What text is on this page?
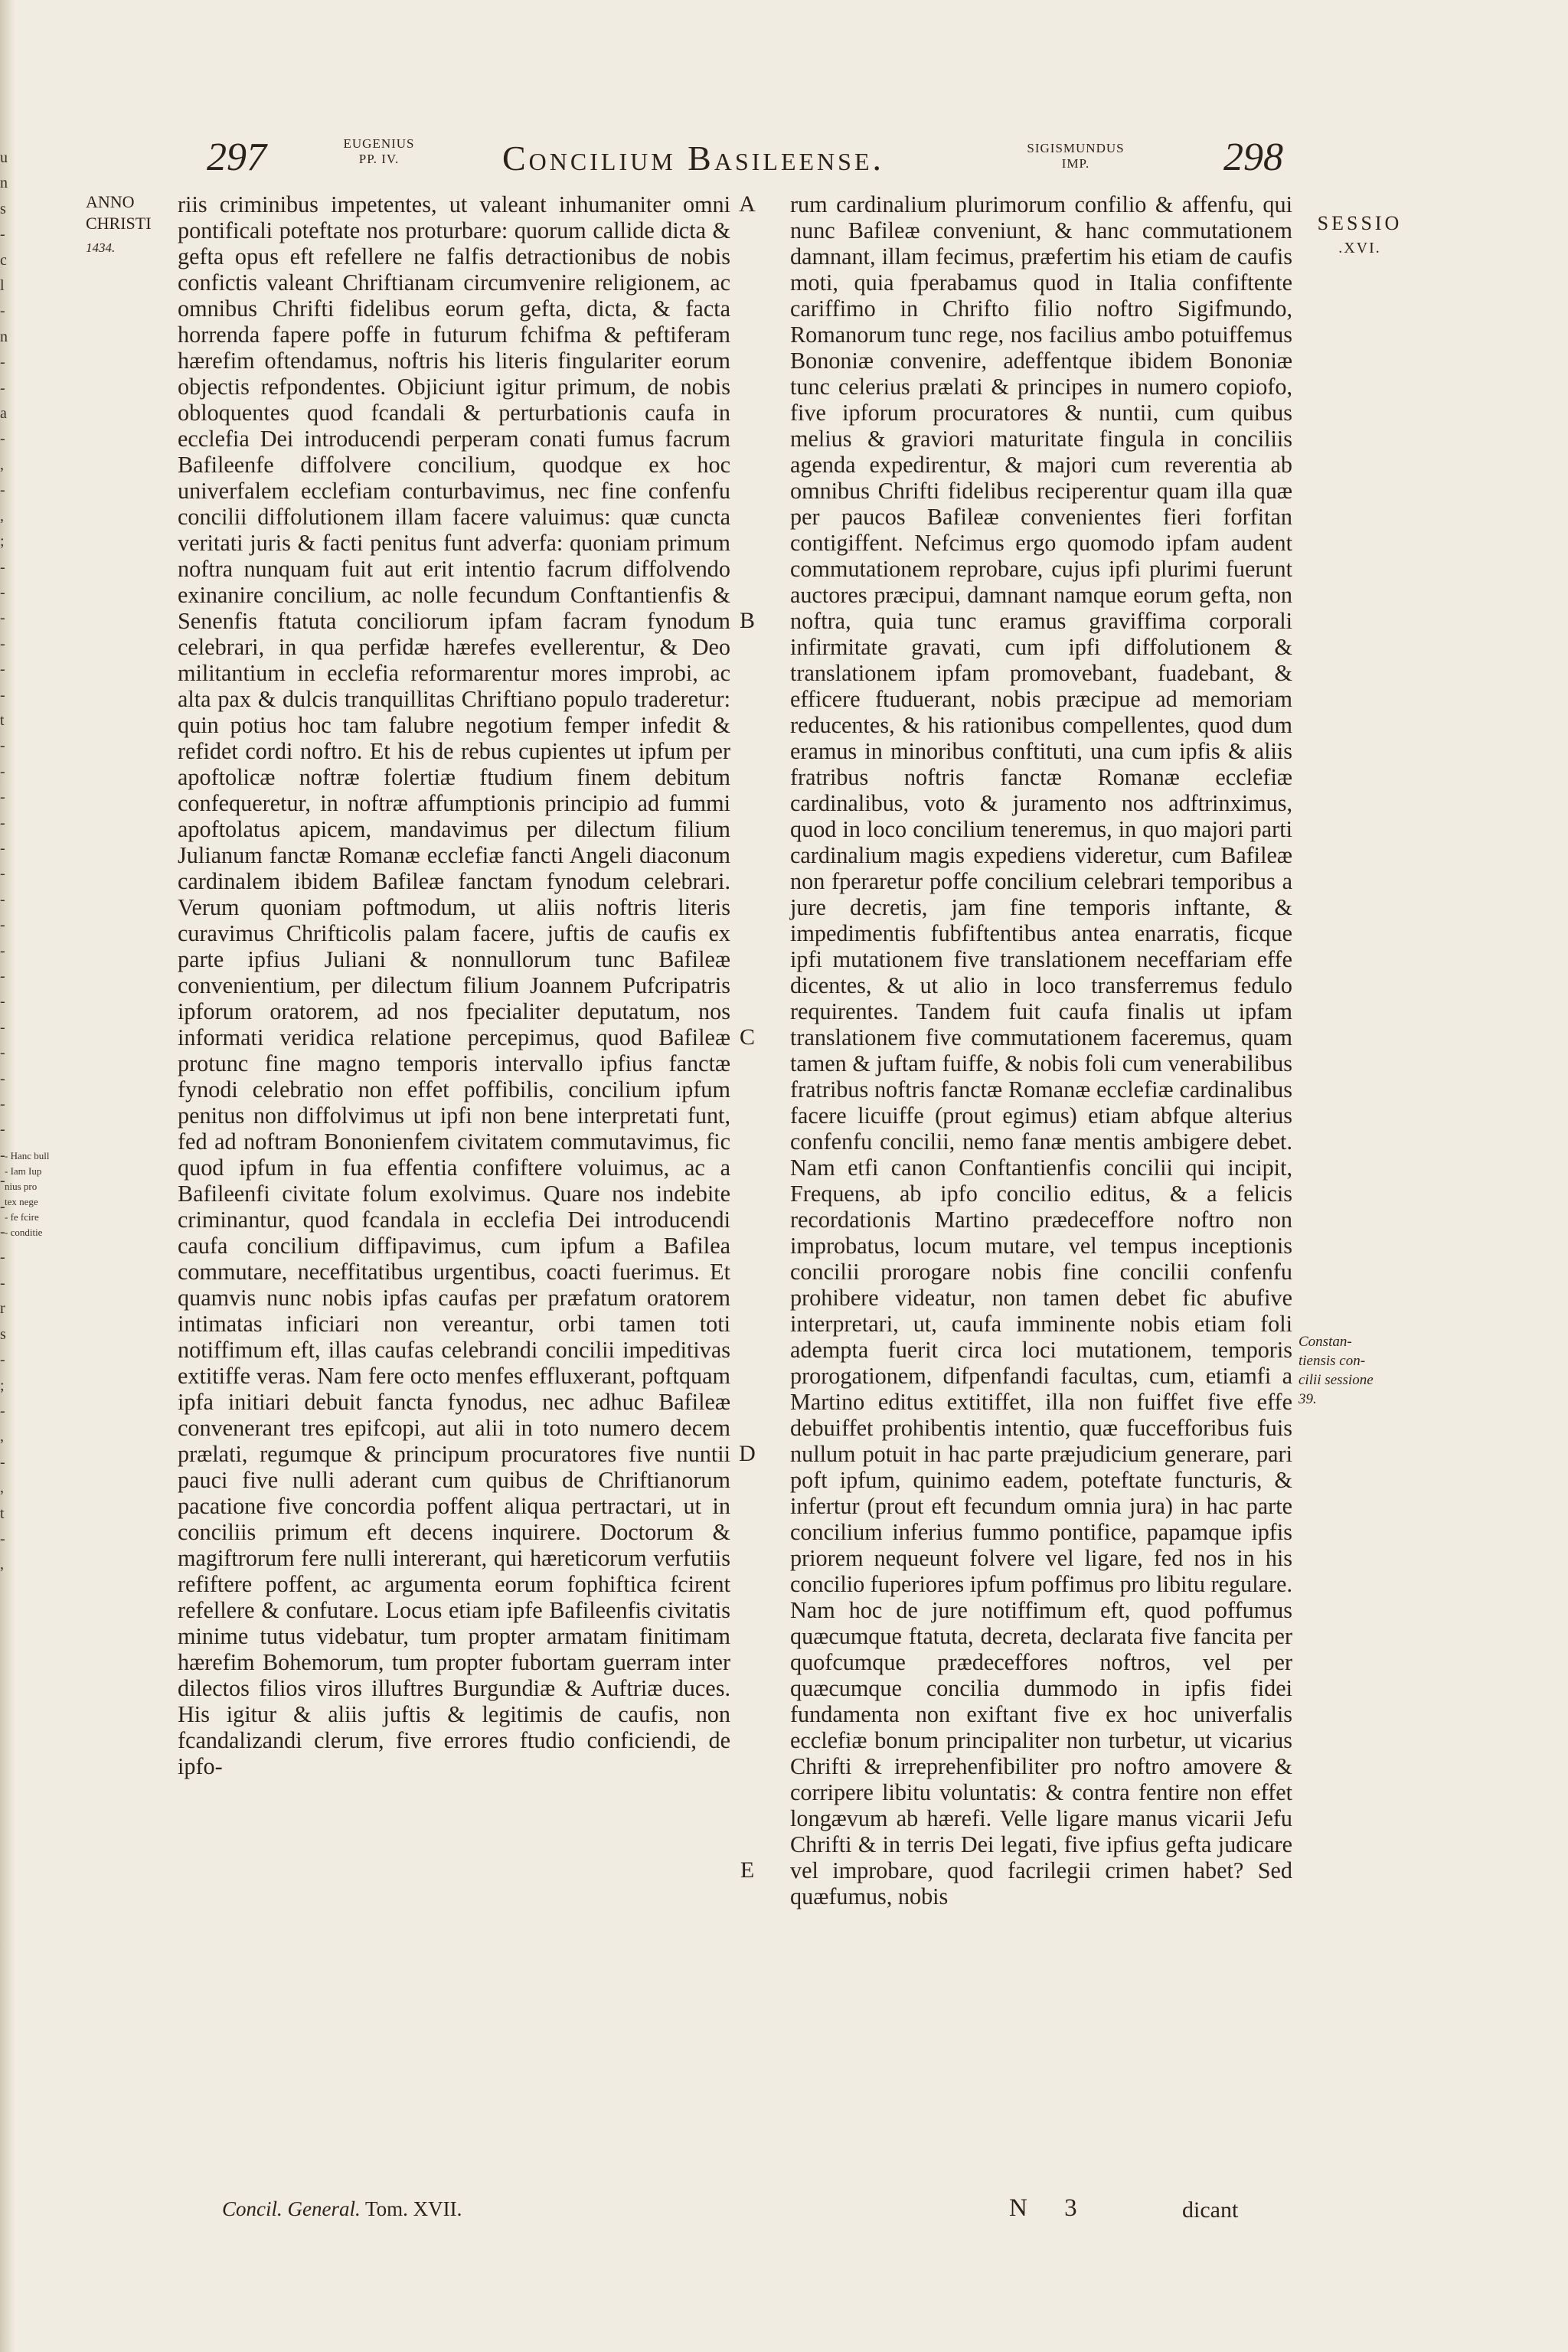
u
n
s
-
c
l
-
n
-
-
a
-
,
-
,
;
-
-
-
-
-
-
t
-
-
-
-
-
-
-
-
-
-
-
-
-
-
-
-
-
-
-
-
-
-
r
s
-
;
-
,
-
,
t
-
,
- Hanc bull
- Iam Iup
nius pro
tex nege
- fe fcire
- conditie
297	EUGENIUS
PP. IV.	Concilium Basileense.	SIGISMUNDUS
IMP.	298
ANNO
CHRISTI
1434.

riis criminibus impetentes, ut valeant inhumaniter omni pontificali poteftate nos proturbare: quorum callide dicta & gefta opus eft refellere ne falfis detractionibus de nobis confictis valeant Chriftianam circumvenire religionem, ac omnibus Chrifti fidelibus eorum gefta, dicta, & facta horrenda fapere poffe in futurum fchifma & peftiferam hærefim oftendamus, noftris his literis fingulariter eorum objectis refpondentes. Objiciunt igitur primum, de nobis obloquentes quod fcandali & perturbationis caufa in ecclefia Dei introducendi perperam conati fumus facrum Bafileenfe diffolvere concilium, quodque ex hoc univerfalem ecclefiam conturbavimus, nec fine confenfu concilii diffolutionem illam facere valuimus: quæ cuncta veritati juris & facti penitus funt adverfa: quoniam primum noftra nunquam fuit aut erit intentio facrum diffolvendo exinanire concilium, ac nolle fecundum Conftantienfis & Senenfis ftatuta conciliorum ipfam facram fynodum celebrari, in qua perfidæ hærefes evellerentur, & Deo militantium in ecclefia reformarentur mores improbi, ac alta pax & dulcis tranquillitas Chriftiano populo traderetur: quin potius hoc tam falubre negotium femper infedit & refidet cordi noftro. Et his de rebus cupientes ut ipfum per apoftolicæ noftræ folertiæ ftudium finem debitum confequeretur, in noftræ affumptionis principio ad fummi apoftolatus apicem, mandavimus per dilectum filium Julianum fanctæ Romanæ ecclefiæ fancti Angeli diaconum cardinalem ibidem Bafileæ fanctam fynodum celebrari. Verum quoniam poftmodum, ut aliis noftris literis curavimus Chrifticolis palam facere, juftis de caufis ex parte ipfius Juliani & nonnullorum tunc Bafileæ convenientium, per dilectum filium Joannem Pufcripatris ipforum oratorem, ad nos fpecialiter deputatum, nos informati veridica relatione percepimus, quod Bafileæ protunc fine magno temporis intervallo ipfius fanctæ fynodi celebratio non effet poffibilis, concilium ipfum penitus non diffolvimus ut ipfi non bene interpretati funt, fed ad noftram Bononienfem civitatem commutavimus, fic quod ipfum in fua effentia confiftere voluimus, ac a Bafileenfi civitate folum exolvimus. Quare nos indebite criminantur, quod fcandala in ecclefia Dei introducendi caufa concilium diffipavimus, cum ipfum a Bafilea commutare, neceffitatibus urgentibus, coacti fuerimus. Et quamvis nunc nobis ipfas caufas per præfatum oratorem intimatas inficiari non vereantur, orbi tamen toti notiffimum eft, illas caufas celebrandi concilii impeditivas extitiffe veras. Nam fere octo menfes effluxerant, poftquam ipfa initiari debuit fancta fynodus, nec adhuc Bafileæ convenerant tres epifcopi, aut alii in toto numero decem prælati, regumque & principum procuratores five nuntii pauci five nulli aderant cum quibus de Chriftianorum pacatione five concordia poffent aliqua pertractari, ut in conciliis primum eft decens inquirere. Doctorum & magiftrorum fere nulli intererant, qui hæreticorum verfutiis refiftere poffent, ac argumenta eorum fophiftica fcirent refellere & confutare. Locus etiam ipfe Bafileenfis civitatis minime tutus videbatur, tum propter armatam finitimam hærefim Bohemorum, tum propter fubortam guerram inter dilectos filios viros illuftres Burgundiæ & Auftriæ duces. His igitur & aliis juftis & legitimis de caufis, non fcandalizandi clerum, five errores ftudio conficiendi, de ipfo-

A
B
C
D
E

rum cardinalium plurimorum confilio & affenfu, qui nunc Bafileæ conveniunt, & hanc commutationem damnant, illam fecimus, præfertim his etiam de caufis moti, quia fperabamus quod in Italia confiftente cariffimo in Chrifto filio noftro Sigifmundo, Romanorum tunc rege, nos facilius ambo potuiffemus Bononiæ convenire, adeffentque ibidem Bononiæ tunc celerius prælati & principes in numero copiofo, five ipforum procuratores & nuntii, cum quibus melius & graviori maturitate fingula in conciliis agenda expedirentur, & majori cum reverentia ab omnibus Chrifti fidelibus reciperentur quam illa quæ per paucos Bafileæ convenientes fieri forfitan contigiffent. Nefcimus ergo quomodo ipfam audent commutationem reprobare, cujus ipfi plurimi fuerunt auctores præcipui, damnant namque eorum gefta, non noftra, quia tunc eramus graviffima corporali infirmitate gravati, cum ipfi diffolutionem & translationem ipfam promovebant, fuadebant, & efficere ftuduerant, nobis præcipue ad memoriam reducentes, & his rationibus compellentes, quod dum eramus in minoribus conftituti, una cum ipfis & aliis fratribus noftris fanctæ Romanæ ecclefiæ cardinalibus, voto & juramento nos adftrinximus, quod in loco concilium teneremus, in quo majori parti cardinalium magis expediens videretur, cum Bafileæ non fperaretur poffe concilium celebrari temporibus a jure decretis, jam fine temporis inftante, & impedimentis fubfiftentibus antea enarratis, ficque ipfi mutationem five translationem neceffariam effe dicentes, & ut alio in loco transferremus fedulo requirentes. Tandem fuit caufa finalis ut ipfam translationem five commutationem faceremus, quam tamen & juftam fuiffe, & nobis foli cum venerabilibus fratribus noftris fanctæ Romanæ ecclefiæ cardinalibus facere licuiffe (prout egimus) etiam abfque alterius confenfu concilii, nemo fanæ mentis ambigere debet. Nam etfi canon Conftantienfis concilii qui incipit, Frequens, ab ipfo concilio editus, & a felicis recordationis Martino prædeceffore noftro non improbatus, locum mutare, vel tempus inceptionis concilii prorogare nobis fine concilii confenfu prohibere videatur, non tamen debet fic abufive interpretari, ut, caufa imminente nobis etiam foli adempta fuerit circa loci mutationem, temporis prorogationem, difpenfandi facultas, cum, etiamfi a Martino editus extitiffet, illa non fuiffet five effe debuiffet prohibentis intentio, quæ fuccefforibus fuis nullum potuit in hac parte præjudicium generare, pari poft ipfum, quinimo eadem, poteftate functuris, & infertur (prout eft fecundum omnia jura) in hac parte concilium inferius fummo pontifice, papamque ipfis priorem nequeunt folvere vel ligare, fed nos in his concilio fuperiores ipfum poffimus pro libitu regulare. Nam hoc de jure notiffimum eft, quod poffumus quæcumque ftatuta, decreta, declarata five fancita per quofcumque prædeceffores noftros, vel per quæcumque concilia dummodo in ipfis fidei fundamenta non exiftant five ex hoc univerfalis ecclefiæ bonum principaliter non turbetur, ut vicarius Chrifti & irreprehenfibiliter pro noftro amovere & corripere libitu voluntatis: & contra fentire non effet longævum ab hærefi. Velle ligare manus vicarii Jefu Chrifti & in terris Dei legati, five ipfius gefta judicare vel improbare, quod facrilegii crimen habet? Sed quæfumus, nobis

SESSIO
.XVI.
Constan-
tiensis con-
cilii sessione
39.
Concil. General. Tom. XVII.	N 3	dicant
